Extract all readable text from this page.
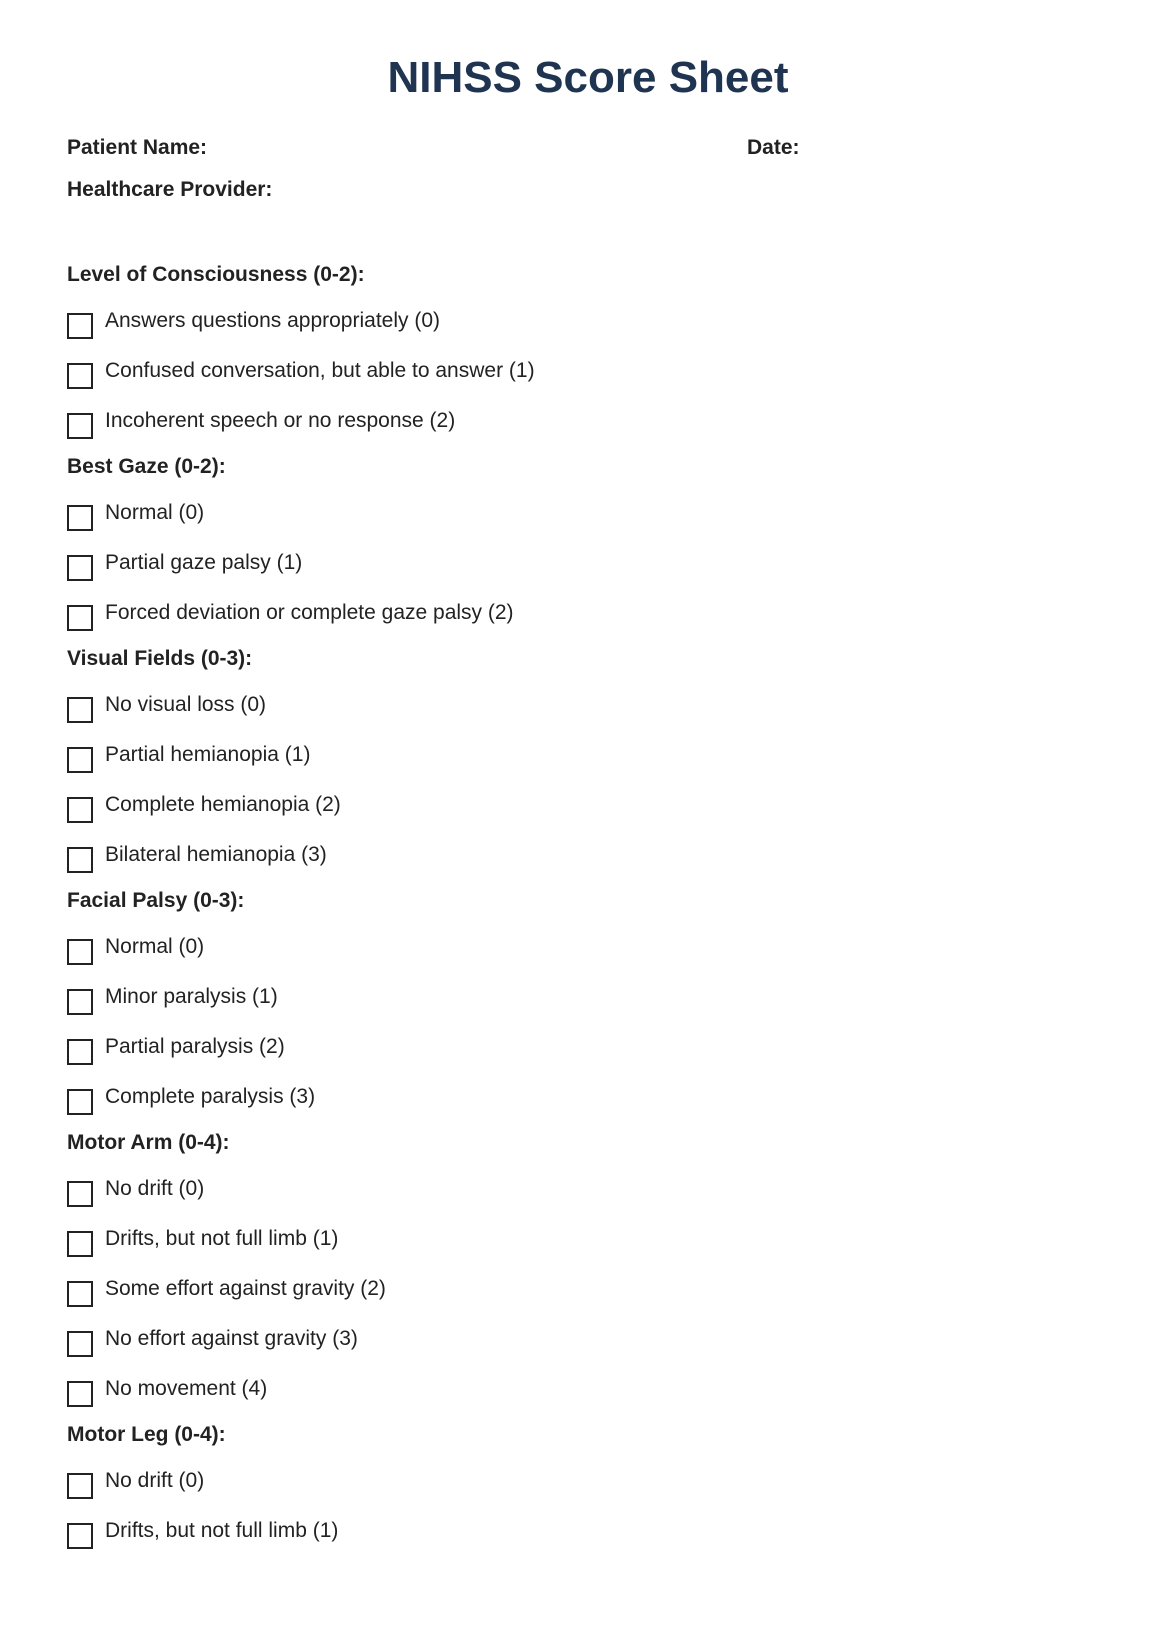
NIHSS Score Sheet
Patient Name:	Date:
Healthcare Provider:
Level of Consciousness (0-2):
Answers questions appropriately (0)
Confused conversation, but able to answer (1)
Incoherent speech or no response (2)
Best Gaze (0-2):
Normal (0)
Partial gaze palsy (1)
Forced deviation or complete gaze palsy (2)
Visual Fields (0-3):
No visual loss (0)
Partial hemianopia (1)
Complete hemianopia (2)
Bilateral hemianopia (3)
Facial Palsy (0-3):
Normal (0)
Minor paralysis (1)
Partial paralysis (2)
Complete paralysis (3)
Motor Arm (0-4):
No drift (0)
Drifts, but not full limb (1)
Some effort against gravity (2)
No effort against gravity (3)
No movement (4)
Motor Leg (0-4):
No drift (0)
Drifts, but not full limb (1)
